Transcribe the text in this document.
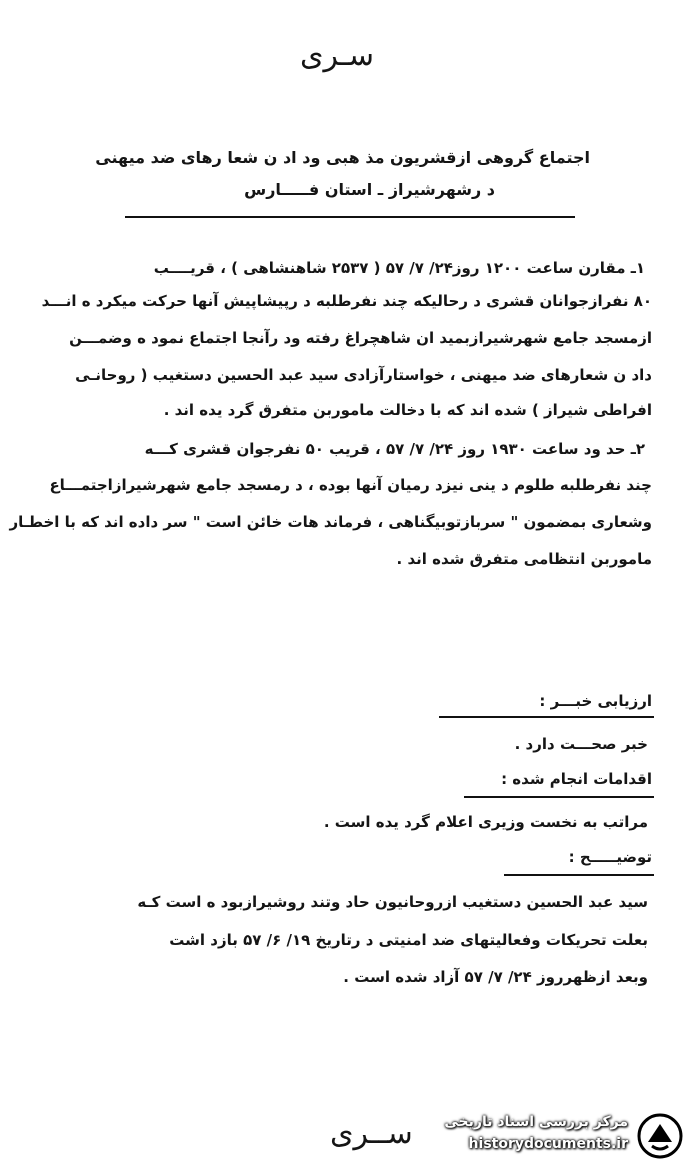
سـری
اجتماع گروهی ازقشریون مذ هبی ود اد ن شعا رهای ضد میهنی
د رشهرشیراز ـ استان فـــــارس
۱ـ مقارن ساعت ۱۲۰۰ روز۲۴/ ۷/ ۵۷ ( ۲۵۳۷ شاهنشاهی ) ، قریــــب
۸۰ نفرازجوانان قشری د رحالیکه چند نفرطلبه د رپیشاپیش آنها حرکت میکرد ه انـــد
ازمسجد جامع شهرشیرازبمید ان شاهچراغ رفته ود رآنجا اجتماع نمود ه وضمـــن
داد ن شعارهای ضد میهنی ، خواستارآزادی سید عبد الحسین دستغیب ( روحانـی
افراطی شیراز ) شده اند که با دخالت ماموربن متفرق گرد یده اند .
۲ـ حد ود ساعت ۱۹۳۰ روز ۲۴/ ۷/ ۵۷ ، قریب ۵۰ نفرجوان قشری کـــه
چند نفرطلبه طلوم د ینی نیزد رمیان آنها بوده ، د رمسجد جامع شهرشیرازاجتمـــاع
وشعاری بمضمون " سربازتوبیگناهی ، فرماند هات خائن است " سر داده اند که با اخطـار
ماموربن انتظامی متفرق شده اند .
ارزیابی خبـــر :
خبر صحـــت دارد .
اقدامات انجام شده :
مراتب به نخست وزیری اعلام گرد یده است .
توضیـــــح :
سید عبد الحسین دستغیب ازروحانیون حاد وتند روشیرازبود ه است کـه
بعلت تحریکات وفعالیتهای ضد امنیتی د رتاریخ ۱۹/ ۶/ ۵۷ بازد اشت
وبعد ازظهرروز ۲۴/ ۷/ ۵۷ آزاد شده است .
ســری مرکز بررسی اسناد تاریخی
historydocuments.ir
